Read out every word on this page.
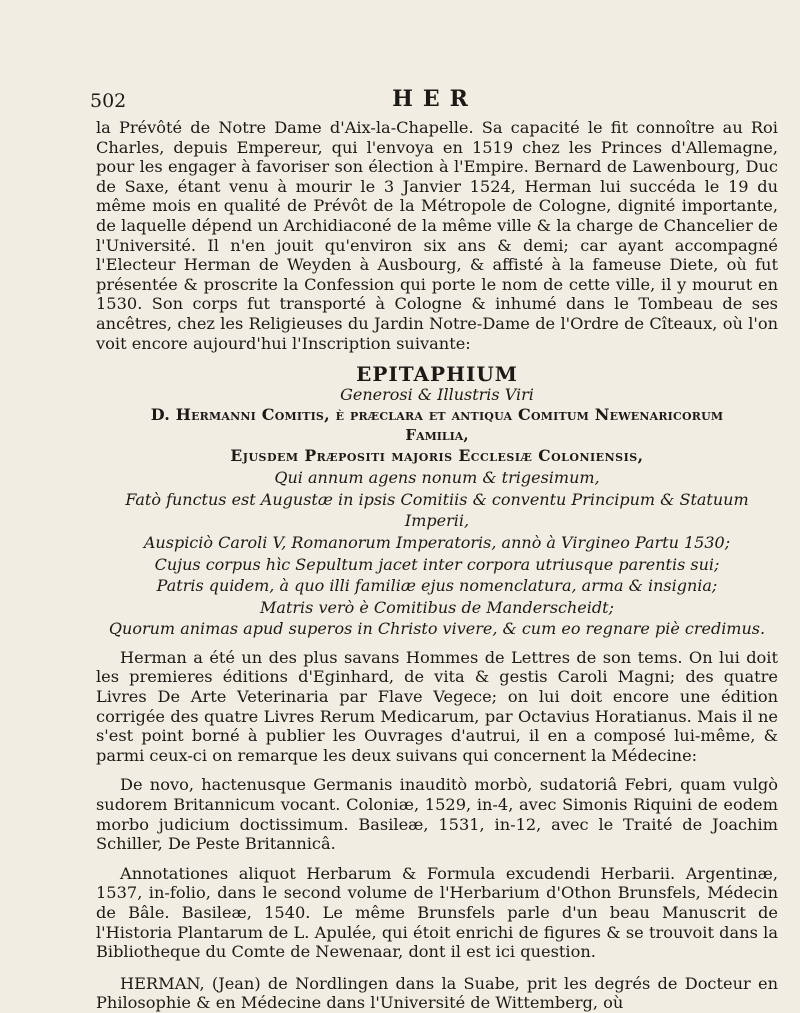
502	HER

la Prévôté de Notre Dame d'Aix-la-Chapelle. Sa capacité le fit connoître au Roi Charles, depuis Empereur, qui l'envoya en 1519 chez les Princes d'Allemagne, pour les engager à favoriser son élection à l'Empire. Bernard de Lawenbourg, Duc de Saxe, étant venu à mourir le 3 Janvier 1524, Herman lui succéda le 19 du même mois en qualité de Prévôt de la Métropole de Cologne, dignité importante, de laquelle dépend un Archidiaconé de la même ville & la charge de Chancelier de l'Université. Il n'en jouit qu'environ six ans & demi; car ayant accompagné l'Electeur Herman de Weyden à Ausbourg, & affisté à la fameuse Diete, où fut présentée & proscrite la Confession qui porte le nom de cette ville, il y mourut en 1530. Son corps fut transporté à Cologne & inhumé dans le Tombeau de ses ancêtres, chez les Religieuses du Jardin Notre-Dame de l'Ordre de Cîteaux, où l'on voit encore aujourd'hui l'Inscription suivante:

EPITAPHIUM
Generosi & Illustris Viri
D. Hermanni Comitis, è præclara et antiqua Comitum Newenaricorum
Familia,
Ejusdem Præpositi majoris Ecclesiæ Coloniensis,
Qui annum agens nonum & trigesimum,
Fatò functus est Augustæ in ipsis Comitiis & conventu Principum & Statuum Imperii,
Auspiciò Caroli V, Romanorum Imperatoris, annò à Virgineo Partu 1530;
Cujus corpus hìc Sepultum jacet inter corpora utriusque parentis sui;
Patris quidem, à quo illi familiæ ejus nomenclatura, arma & insignia;
Matris verò è Comitibus de Manderscheidt;
Quorum animas apud superos in Christo vivere, & cum eo regnare piè credimus.

Herman a été un des plus savans Hommes de Lettres de son tems. On lui doit les premieres éditions d'Eginhard, de vita & gestis Caroli Magni; des quatre Livres De Arte Veterinaria par Flave Vegece; on lui doit encore une édition corrigée des quatre Livres Rerum Medicarum, par Octavius Horatianus. Mais il ne s'est point borné à publier les Ouvrages d'autrui, il en a composé lui-même, & parmi ceux-ci on remarque les deux suivans qui concernent la Médecine:

De novo, hactenusque Germanis inauditò morbò, sudatoriâ Febri, quam vulgò sudorem Britannicum vocant. Coloniæ, 1529, in-4, avec Simonis Riquini de eodem morbo judicium doctissimum. Basileæ, 1531, in-12, avec le Traité de Joachim Schiller, De Peste Britannicâ.

Annotationes aliquot Herbarum & Formula excudendi Herbarii. Argentinæ, 1537, in-folio, dans le second volume de l'Herbarium d'Othon Brunsfels, Médecin de Bâle. Basileæ, 1540. Le même Brunsfels parle d'un beau Manuscrit de l'Historia Plantarum de L. Apulée, qui étoit enrichi de figures & se trouvoit dans la Bibliotheque du Comte de Newenaar, dont il est ici question.

HERMAN, (Jean) de Nordlingen dans la Suabe, prit les degrés de Docteur en Philosophie & en Médecine dans l'Université de Wittemberg, où
